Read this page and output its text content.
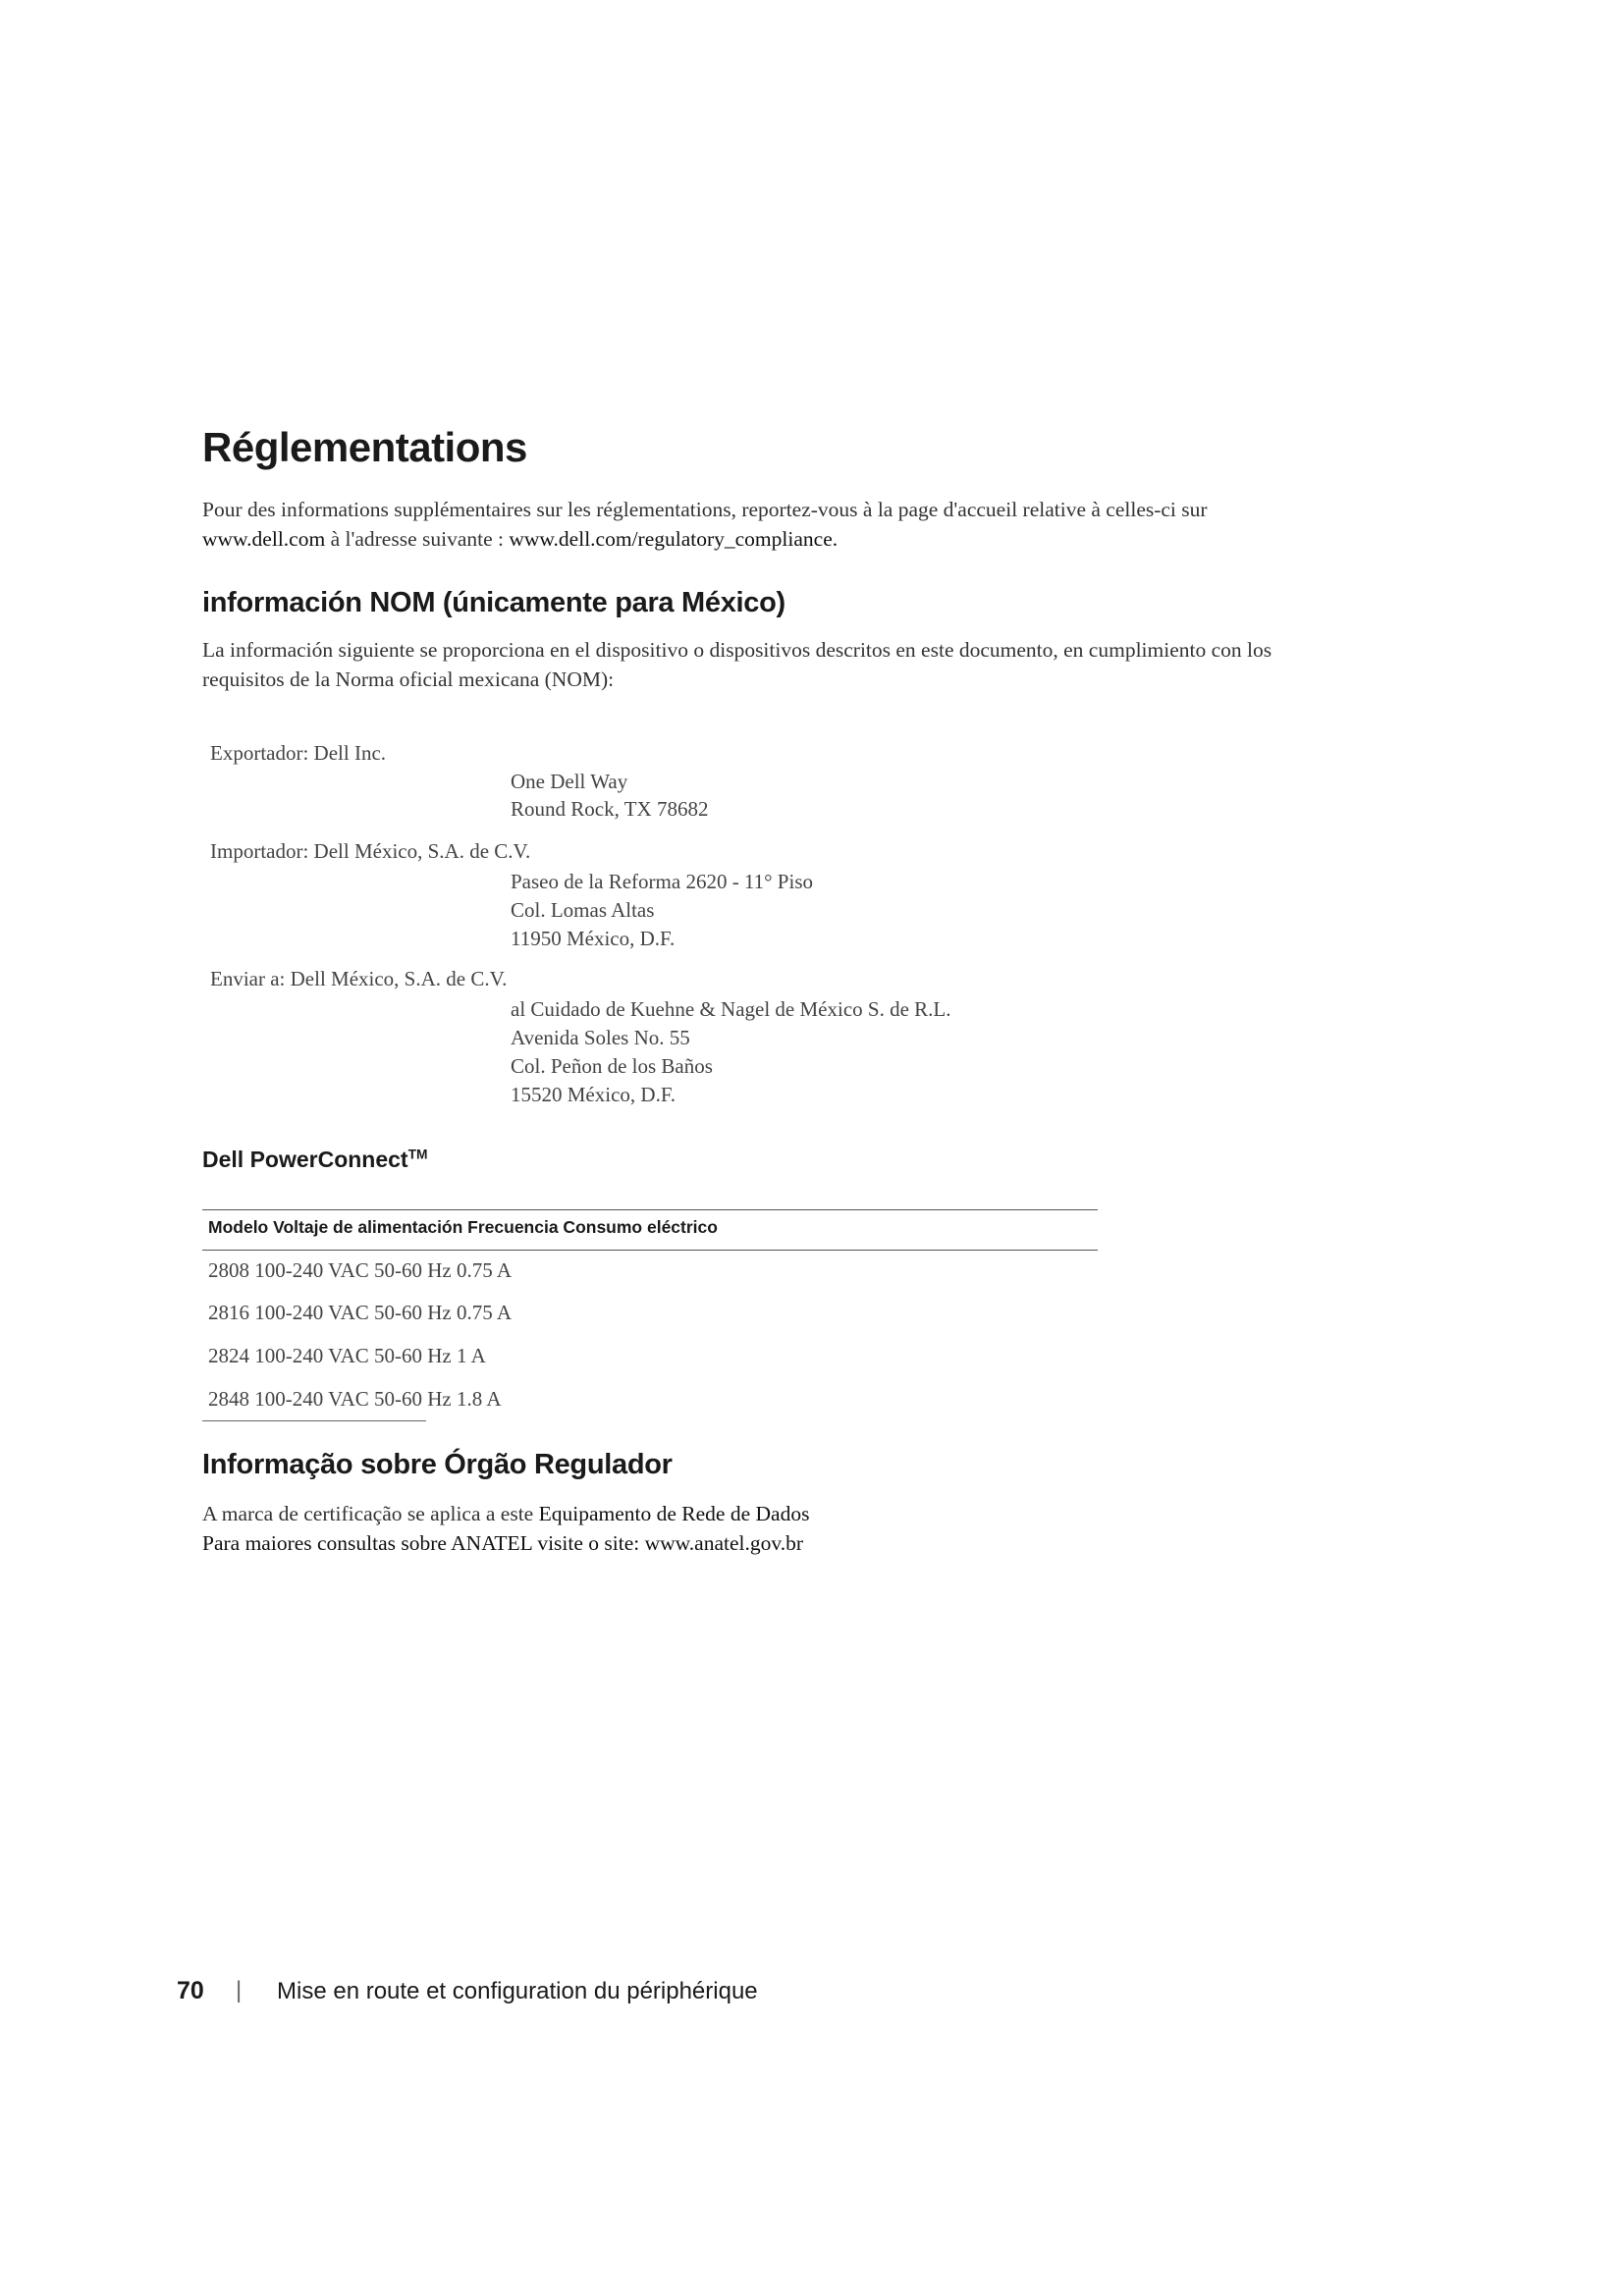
Réglementations
Pour des informations supplémentaires sur les réglementations, reportez-vous à la page d'accueil relative à celles-ci sur
www.dell.com à l'adresse suivante : www.dell.com/regulatory_compliance.
información NOM (únicamente para México)
La información siguiente se proporciona en el dispositivo o dispositivos descritos en este documento, en cumplimiento con los
requisitos de la Norma oficial mexicana (NOM):
Exportador: Dell Inc.
One Dell Way
Round Rock, TX 78682
Importador: Dell México, S.A. de C.V.
Paseo de la Reforma 2620 - 11° Piso
Col. Lomas Altas
11950 México, D.F.
Enviar a: Dell México, S.A. de C.V.
al Cuidado de Kuehne & Nagel de México S. de R.L.
Avenida Soles No. 55
Col. Peñon de los Baños
15520 México, D.F.
Dell PowerConnect™
Modelo Voltaje de alimentación Frecuencia Consumo eléctrico
2808 100-240 VAC 50-60 Hz 0.75 A
2816 100-240 VAC 50-60 Hz 0.75 A
2824 100-240 VAC 50-60 Hz 1 A
2848 100-240 VAC 50-60 Hz 1.8 A
Informação sobre Órgão Regulador
A marca de certificação se aplica a este Equipamento de Rede de Dados
Para maiores consultas sobre ANATEL visite o site: www.anatel.gov.br
70 | Mise en route et configuration du périphérique
